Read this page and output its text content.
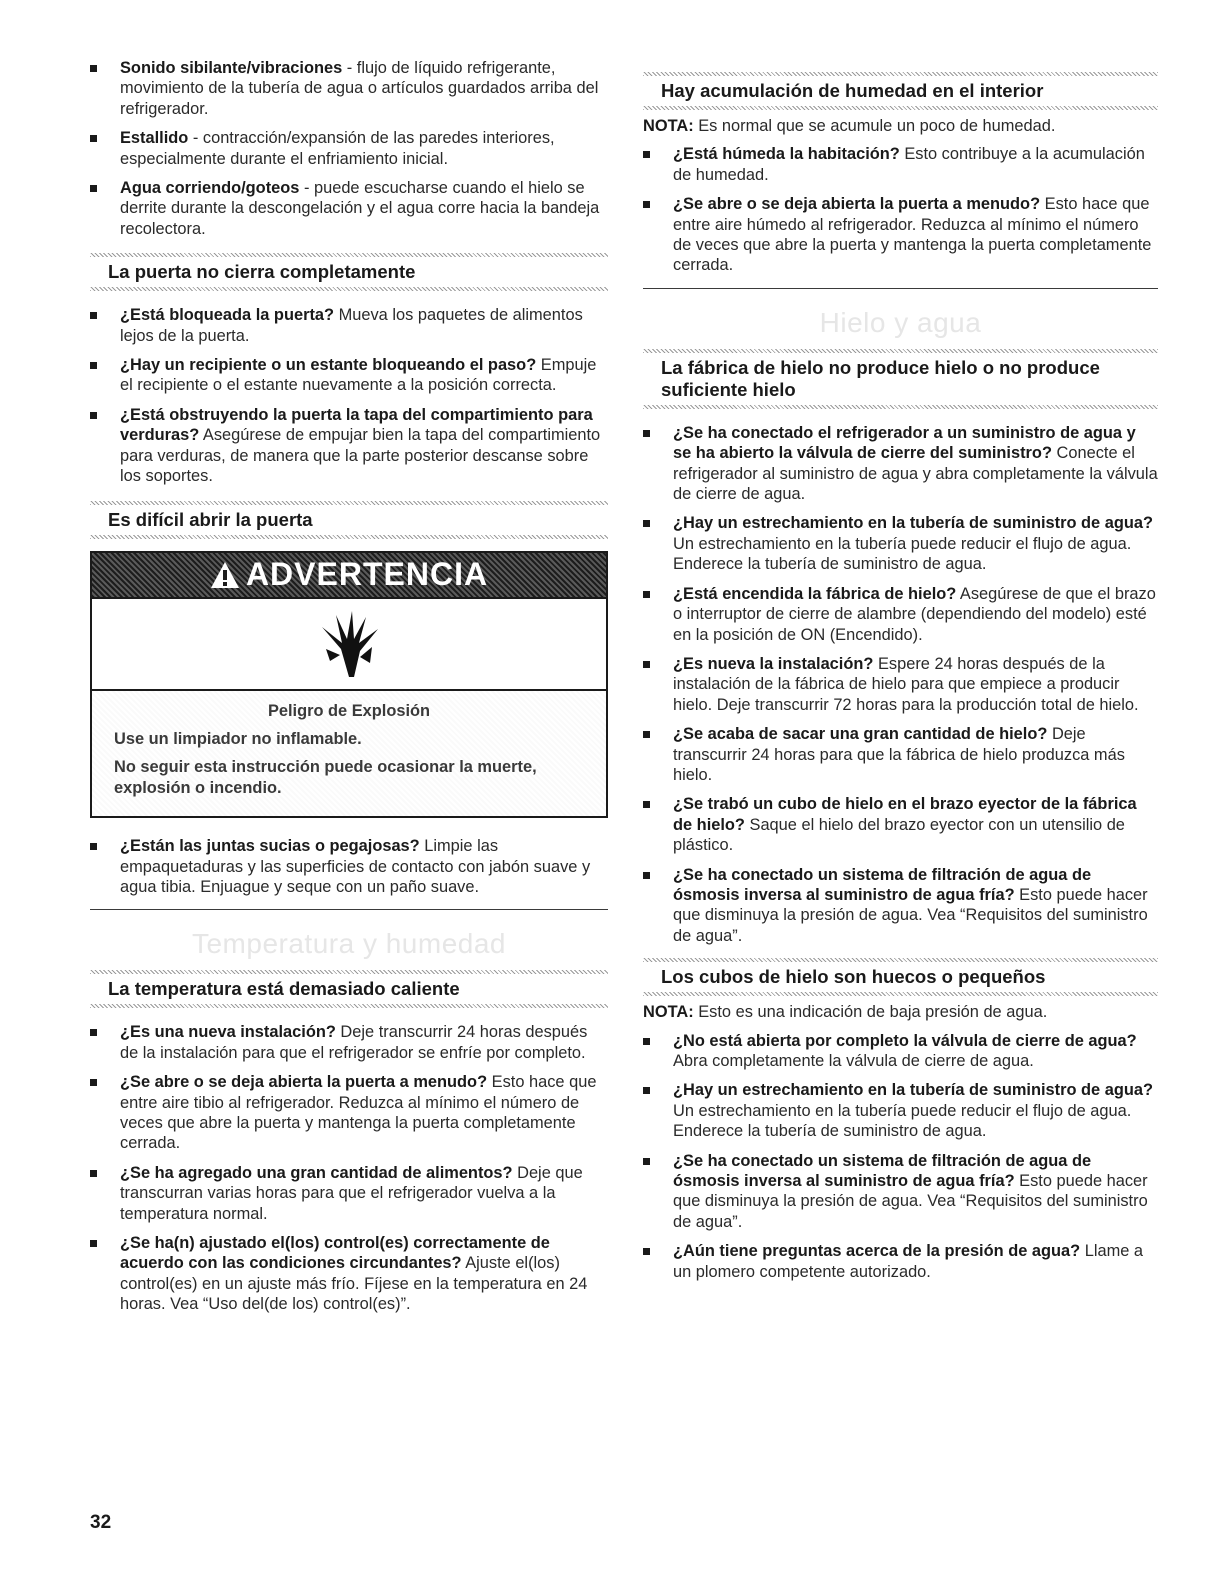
Sonido sibilante/vibraciones - flujo de líquido refrigerante, movimiento de la tubería de agua o artículos guardados arriba del refrigerador.
Estallido - contracción/expansión de las paredes interiores, especialmente durante el enfriamiento inicial.
Agua corriendo/goteos - puede escucharse cuando el hielo se derrite durante la descongelación y el agua corre hacia la bandeja recolectora.
La puerta no cierra completamente
¿Está bloqueada la puerta? Mueva los paquetes de alimentos lejos de la puerta.
¿Hay un recipiente o un estante bloqueando el paso? Empuje el recipiente o el estante nuevamente a la posición correcta.
¿Está obstruyendo la puerta la tapa del compartimiento para verduras? Asegúrese de empujar bien la tapa del compartimiento para verduras, de manera que la parte posterior descanse sobre los soportes.
Es difícil abrir la puerta
ADVERTENCIA

Peligro de Explosión

Use un limpiador no inflamable.

No seguir esta instrucción puede ocasionar la muerte, explosión o incendio.

¿Están las juntas sucias o pegajosas? Limpie las empaquetaduras y las superficies de contacto con jabón suave y agua tibia. Enjuague y seque con un paño suave.
Temperatura y humedad
La temperatura está demasiado caliente
¿Es una nueva instalación? Deje transcurrir 24 horas después de la instalación para que el refrigerador se enfríe por completo.
¿Se abre o se deja abierta la puerta a menudo? Esto hace que entre aire tibio al refrigerador. Reduzca al mínimo el número de veces que abre la puerta y mantenga la puerta completamente cerrada.
¿Se ha agregado una gran cantidad de alimentos? Deje que transcurran varias horas para que el refrigerador vuelva a la temperatura normal.
¿Se ha(n) ajustado el(los) control(es) correctamente de acuerdo con las condiciones circundantes? Ajuste el(los) control(es) en un ajuste más frío. Fíjese en la temperatura en 24 horas. Vea “Uso del(de los) control(es)”.
Hay acumulación de humedad en el interior
NOTA: Es normal que se acumule un poco de humedad.
¿Está húmeda la habitación? Esto contribuye a la acumulación de humedad.
¿Se abre o se deja abierta la puerta a menudo? Esto hace que entre aire húmedo al refrigerador. Reduzca al mínimo el número de veces que abre la puerta y mantenga la puerta completamente cerrada.
Hielo y agua
La fábrica de hielo no produce hielo o no produce suficiente hielo
¿Se ha conectado el refrigerador a un suministro de agua y se ha abierto la válvula de cierre del suministro? Conecte el refrigerador al suministro de agua y abra completamente la válvula de cierre de agua.
¿Hay un estrechamiento en la tubería de suministro de agua? Un estrechamiento en la tubería puede reducir el flujo de agua. Enderece la tubería de suministro de agua.
¿Está encendida la fábrica de hielo? Asegúrese de que el brazo o interruptor de cierre de alambre (dependiendo del modelo) esté en la posición de ON (Encendido).
¿Es nueva la instalación? Espere 24 horas después de la instalación de la fábrica de hielo para que empiece a producir hielo. Deje transcurrir 72 horas para la producción total de hielo.
¿Se acaba de sacar una gran cantidad de hielo? Deje transcurrir 24 horas para que la fábrica de hielo produzca más hielo.
¿Se trabó un cubo de hielo en el brazo eyector de la fábrica de hielo? Saque el hielo del brazo eyector con un utensilio de plástico.
¿Se ha conectado un sistema de filtración de agua de ósmosis inversa al suministro de agua fría? Esto puede hacer que disminuya la presión de agua. Vea “Requisitos del suministro de agua”.
Los cubos de hielo son huecos o pequeños
NOTA: Esto es una indicación de baja presión de agua.
¿No está abierta por completo la válvula de cierre de agua? Abra completamente la válvula de cierre de agua.
¿Hay un estrechamiento en la tubería de suministro de agua? Un estrechamiento en la tubería puede reducir el flujo de agua. Enderece la tubería de suministro de agua.
¿Se ha conectado un sistema de filtración de agua de ósmosis inversa al suministro de agua fría? Esto puede hacer que disminuya la presión de agua. Vea “Requisitos del suministro de agua”.
¿Aún tiene preguntas acerca de la presión de agua? Llame a un plomero competente autorizado.
32
